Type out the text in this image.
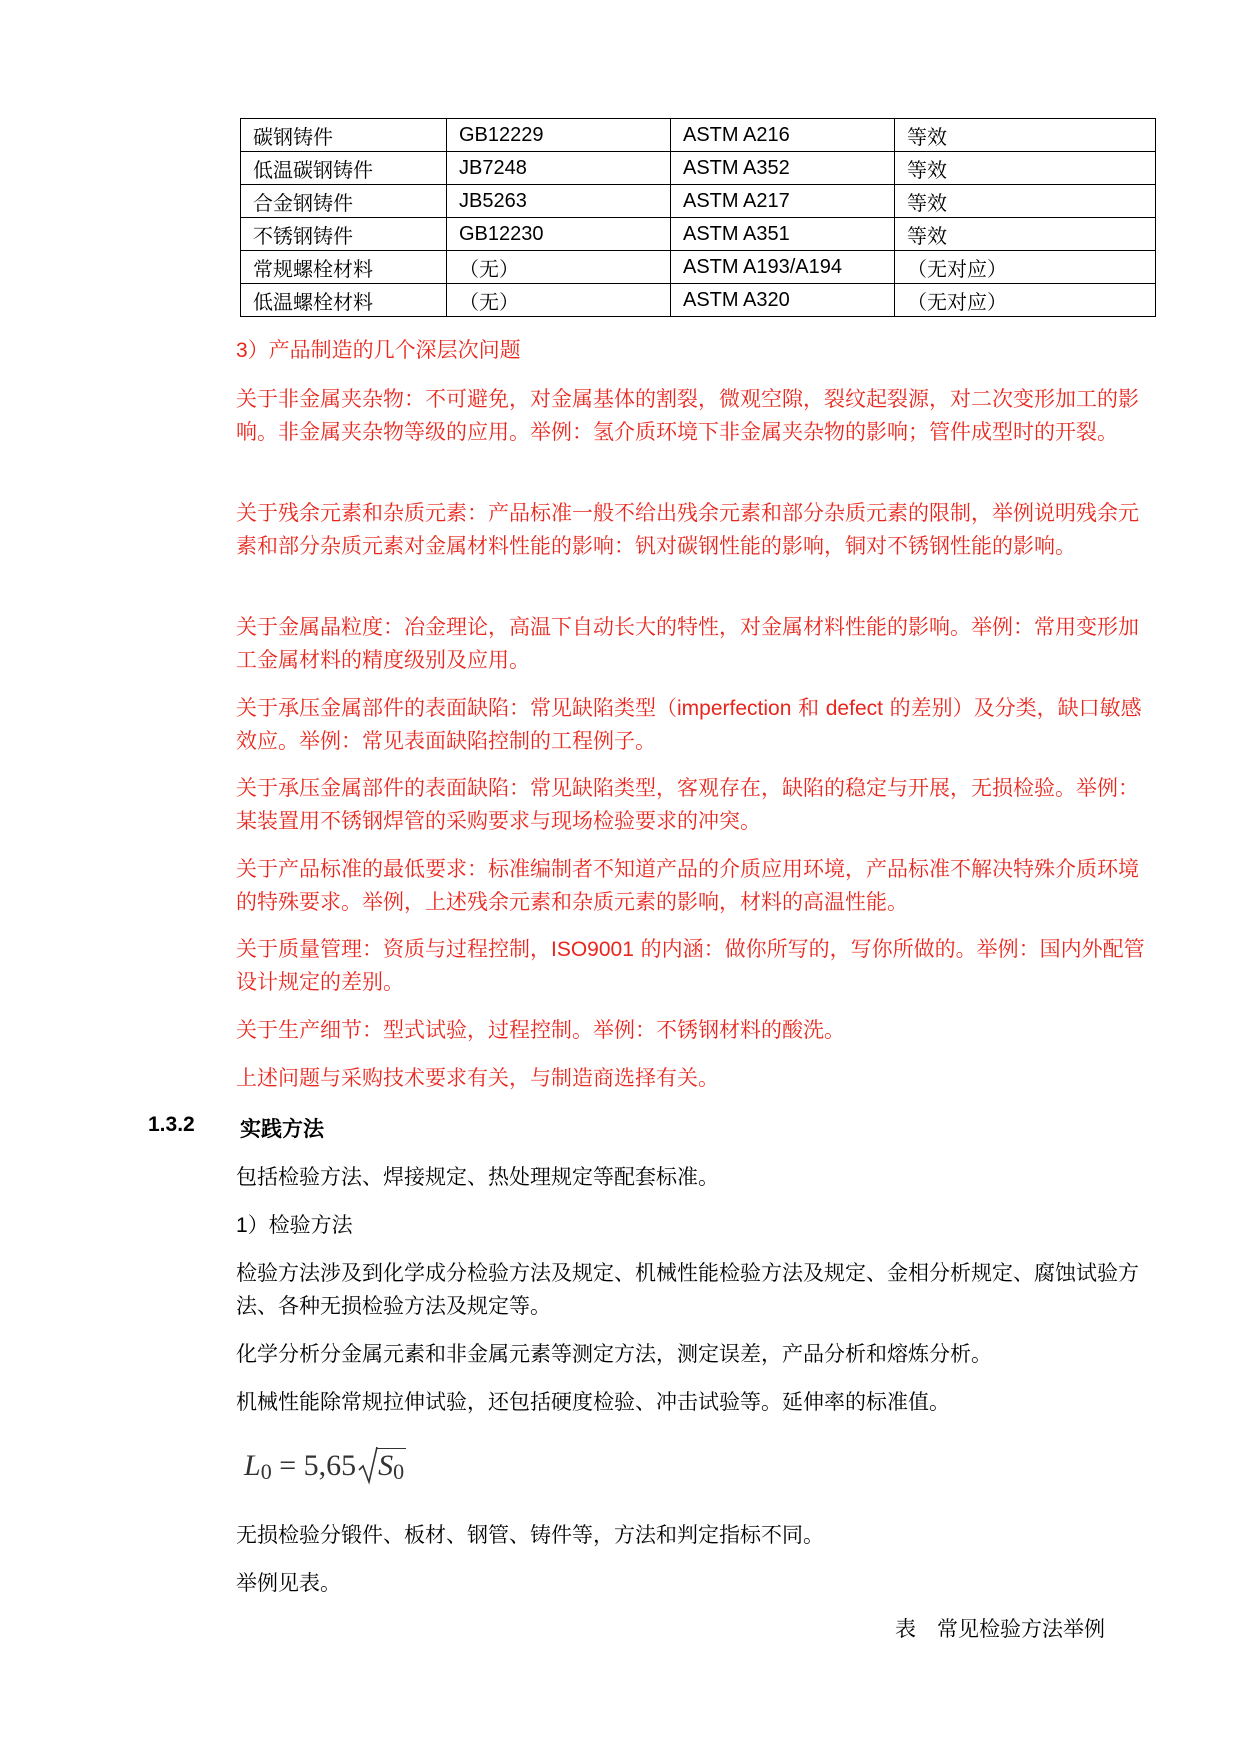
碳钢铸件	GB12229	ASTM A216	等效
低温碳钢铸件	JB7248	ASTM A352	等效
合金钢铸件	JB5263	ASTM A217	等效
不锈钢铸件	GB12230	ASTM A351	等效
常规螺栓材料	（无）	ASTM A193/A194	（无对应）
低温螺栓材料	（无）	ASTM A320	（无对应）
3）产品制造的几个深层次问题
关于非金属夹杂物：不可避免，对金属基体的割裂，微观空隙，裂纹起裂源，对二次变形加工的影响。非金属夹杂物等级的应用。举例：氢介质环境下非金属夹杂物的影响；管件成型时的开裂。
关于残余元素和杂质元素：产品标准一般不给出残余元素和部分杂质元素的限制，举例说明残余元素和部分杂质元素对金属材料性能的影响：钒对碳钢性能的影响，铜对不锈钢性能的影响。
关于金属晶粒度：冶金理论，高温下自动长大的特性，对金属材料性能的影响。举例：常用变形加工金属材料的精度级别及应用。
关于承压金属部件的表面缺陷：常见缺陷类型（imperfection 和 defect 的差别）及分类，缺口敏感效应。举例：常见表面缺陷控制的工程例子。
关于承压金属部件的表面缺陷：常见缺陷类型，客观存在，缺陷的稳定与开展，无损检验。举例：某装置用不锈钢焊管的采购要求与现场检验要求的冲突。
关于产品标准的最低要求：标准编制者不知道产品的介质应用环境，产品标准不解决特殊介质环境的特殊要求。举例，上述残余元素和杂质元素的影响，材料的高温性能。
关于质量管理：资质与过程控制，ISO9001 的内涵：做你所写的，写你所做的。举例：国内外配管设计规定的差别。
关于生产细节：型式试验，过程控制。举例：不锈钢材料的酸洗。
上述问题与采购技术要求有关，与制造商选择有关。
1.3.2 实践方法
包括检验方法、焊接规定、热处理规定等配套标准。
1）检验方法
检验方法涉及到化学成分检验方法及规定、机械性能检验方法及规定、金相分析规定、腐蚀试验方法、各种无损检验方法及规定等。
化学分析分金属元素和非金属元素等测定方法，测定误差，产品分析和熔炼分析。
机械性能除常规拉伸试验，还包括硬度检验、冲击试验等。延伸率的标准值。
$L_0 = 5,65$ $S_0$
无损检验分锻件、板材、钢管、铸件等，方法和判定指标不同。
举例见表。
表　常见检验方法举例
